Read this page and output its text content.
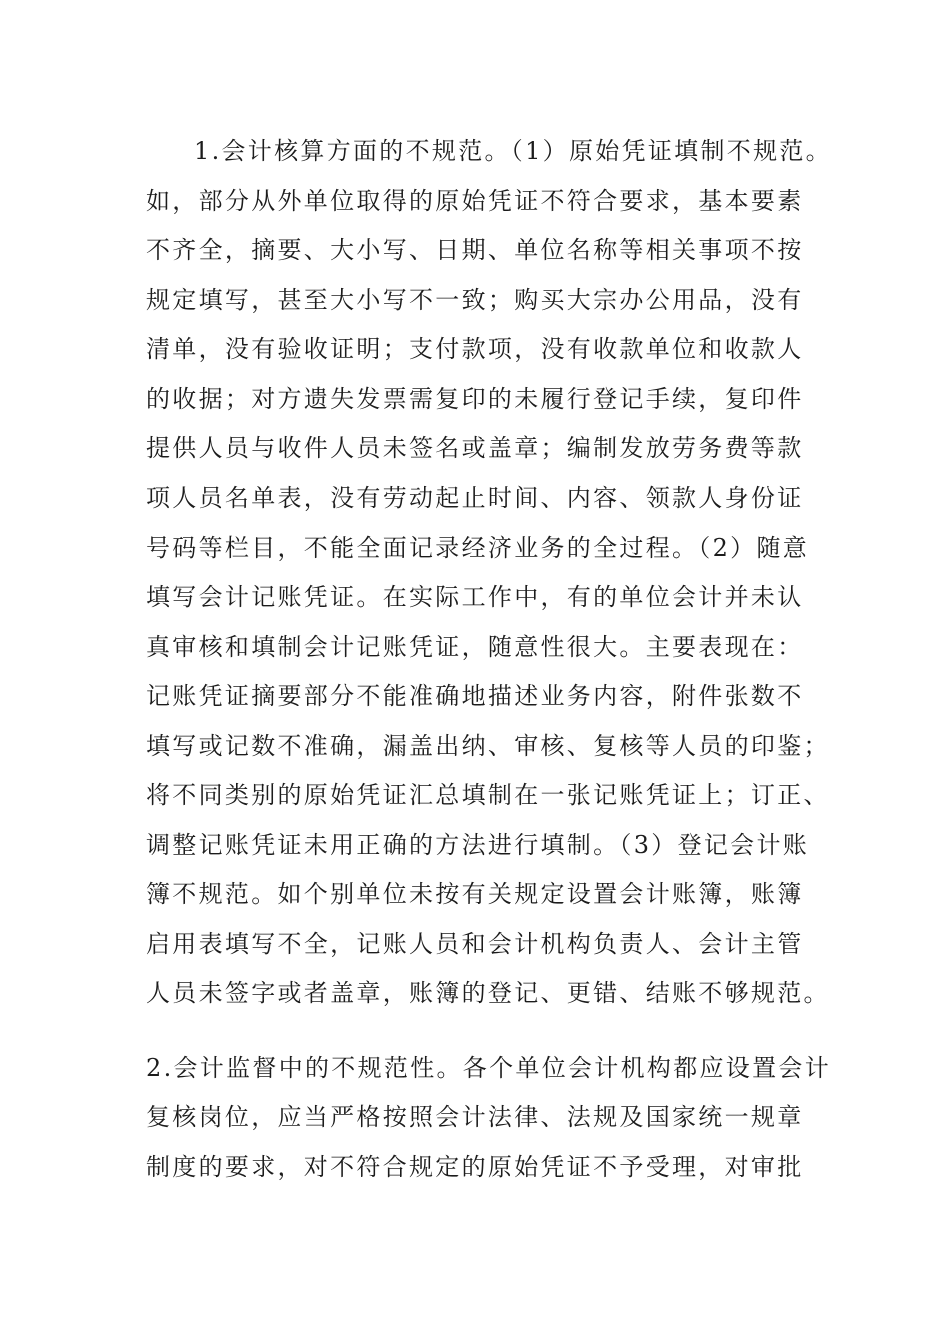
1.会计核算方面的不规范。（1）原始凭证填制不规范。
如，部分从外单位取得的原始凭证不符合要求，基本要素
不齐全，摘要、大小写、日期、单位名称等相关事项不按
规定填写，甚至大小写不一致；购买大宗办公用品，没有
清单，没有验收证明；支付款项，没有收款单位和收款人
的收据；对方遗失发票需复印的未履行登记手续，复印件
提供人员与收件人员未签名或盖章；编制发放劳务费等款
项人员名单表，没有劳动起止时间、内容、领款人身份证
号码等栏目，不能全面记录经济业务的全过程。（2）随意
填写会计记账凭证。在实际工作中，有的单位会计并未认
真审核和填制会计记账凭证，随意性很大。主要表现在：
记账凭证摘要部分不能准确地描述业务内容，附件张数不
填写或记数不准确，漏盖出纳、审核、复核等人员的印鉴；
将不同类别的原始凭证汇总填制在一张记账凭证上；订正、
调整记账凭证未用正确的方法进行填制。（3）登记会计账
簿不规范。如个别单位未按有关规定设置会计账簿，账簿
启用表填写不全，记账人员和会计机构负责人、会计主管
人员未签字或者盖章，账簿的登记、更错、结账不够规范。
2.会计监督中的不规范性。各个单位会计机构都应设置会计
复核岗位，应当严格按照会计法律、法规及国家统一规章
制度的要求，对不符合规定的原始凭证不予受理，对审批
